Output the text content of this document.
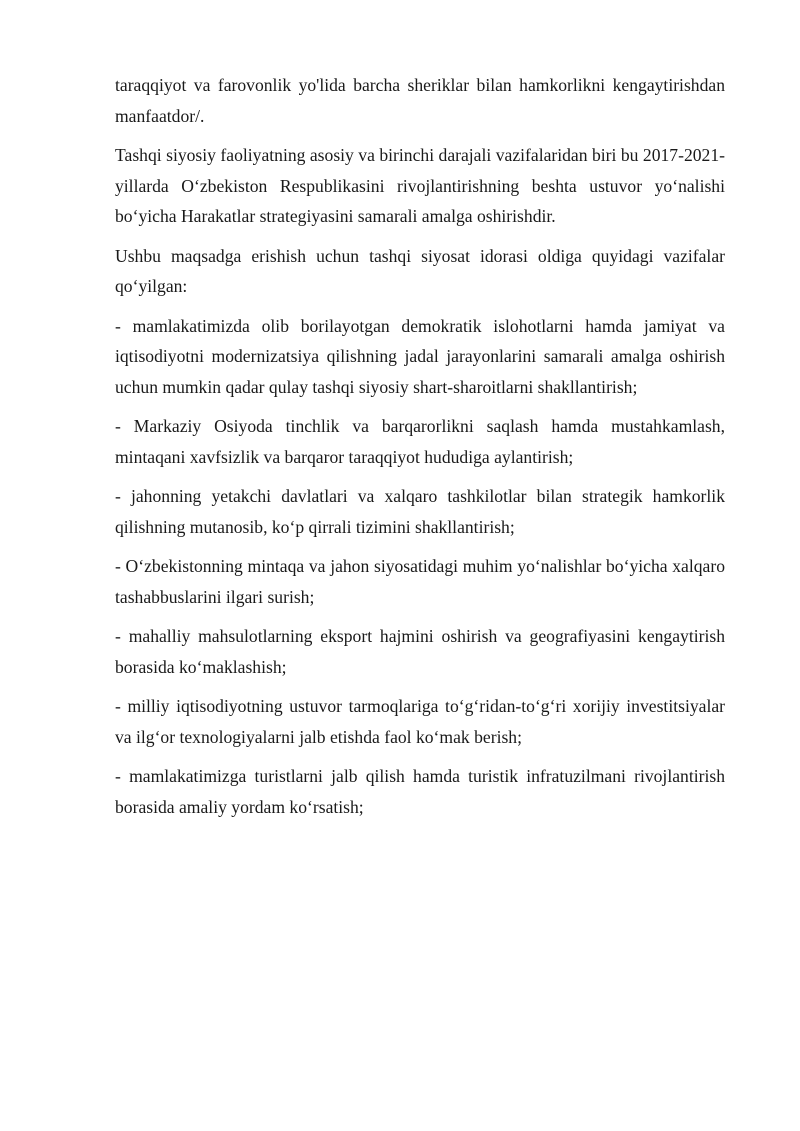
taraqqiyot va farovonlik yo'lida barcha sheriklar bilan hamkorlikni kengaytirishdan manfaatdor/.

Tashqi siyosiy faoliyatning asosiy va birinchi darajali vazifalaridan biri bu 2017-2021-yillarda O‘zbekiston Respublikasini rivojlantirishning beshta ustuvor yo‘nalishi bo‘yicha Harakatlar strategiyasini samarali amalga oshirishdir.

Ushbu maqsadga erishish uchun tashqi siyosat idorasi oldiga quyidagi vazifalar qo‘yilgan:

- mamlakatimizda olib borilayotgan demokratik islohotlarni hamda jamiyat va iqtisodiyotni modernizatsiya qilishning jadal jarayonlarini samarali amalga oshirish uchun mumkin qadar qulay tashqi siyosiy shart-sharoitlarni shakllantirish;

- Markaziy Osiyoda tinchlik va barqarorlikni saqlash hamda mustahkamlash, mintaqani xavfsizlik va barqaror taraqqiyot hududiga aylantirish;

- jahonning yetakchi davlatlari va xalqaro tashkilotlar bilan strategik hamkorlik qilishning mutanosib, ko‘p qirrali tizimini shakllantirish;

- O‘zbekistonning mintaqa va jahon siyosatidagi muhim yo‘nalishlar bo‘yicha xalqaro tashabbuslarini ilgari surish;

- mahalliy mahsulotlarning eksport hajmini oshirish va geografiyasini kengaytirish borasida ko‘maklashish;

- milliy iqtisodiyotning ustuvor tarmoqlariga to‘g‘ridan-to‘g‘ri xorijiy investitsiyalar va ilg‘or texnologiyalarni jalb etishda faol ko‘mak berish;

- mamlakatimizga turistlarni jalb qilish hamda turistik infratuzilmani rivojlantirish borasida amaliy yordam ko‘rsatish;
